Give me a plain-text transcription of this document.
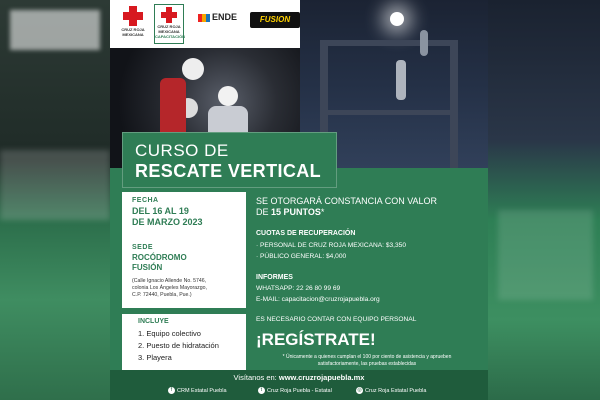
CRUZ ROJA MEXICANA
CRUZ ROJA MEXICANA
CAPACITACIÓN
ENDE	FUSION
CURSO DE
RESCATE VERTICAL
FECHA
DEL 16 AL 19
DE MARZO 2023
SEDE
ROCÓDROMO
FUSIÓN
(Calle Ignacio Allende No. 5746,
colonia Los Ángeles Mayorazgo,
C.P. 72440, Puebla, Pue.)
INCLUYE
1. Equipo colectivo
2. Puesto de hidratación
3. Playera
SE OTORGARÁ CONSTANCIA CON VALOR
DE 15 PUNTOS*
CUOTAS DE RECUPERACIÓN
· PERSONAL DE CRUZ ROJA MEXICANA: $3,350
· PÚBLICO GENERAL: $4,000
INFORMES
WHATSAPP: 22 26 80 99 69
E-MAIL: capacitacion@cruzrojapuebla.org
ES NECESARIO CONTAR CON EQUIPO PERSONAL
¡REGÍSTRATE!
* Únicamente a quienes cumplan el 100 por ciento de asistencia y aprueben
satisfactoriamente, las pruebas establecidas
Visítanos en: www.cruzrojapuebla.mx
f CRM Estatal Puebla	t Cruz Roja Puebla - Estatal	◎ Cruz Roja Estatal Puebla
